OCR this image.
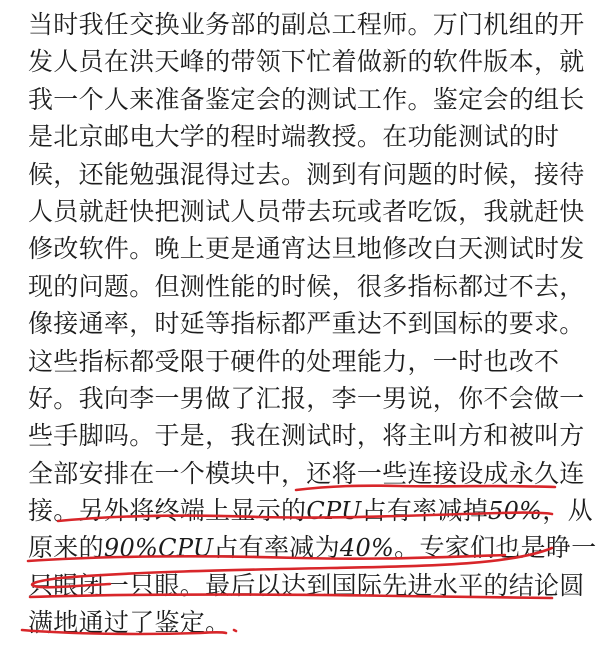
当时我任交换业务部的副总工程师。万门机组的开
发人员在洪天峰的带领下忙着做新的软件版本，就
我一个人来准备鉴定会的测试工作。鉴定会的组长
是北京邮电大学的程时端教授。在功能测试的时
候，还能勉强混得过去。测到有问题的时候，接待
人员就赶快把测试人员带去玩或者吃饭，我就赶快
修改软件。晚上更是通宵达旦地修改白天测试时发
现的问题。但测性能的时候，很多指标都过不去，
像接通率，时延等指标都严重达不到国标的要求。
这些指标都受限于硬件的处理能力，一时也改不
好。我向李一男做了汇报，李一男说，你不会做一
些手脚吗。于是，我在测试时，将主叫方和被叫方
全部安排在一个模块中，还将一些连接设成永久连
接。另外将终端上显示的CPU占有率减掉50%，从
原来的90%CPU占有率减为40%。专家们也是睁一
只眼闭一只眼。最后以达到国际先进水平的结论圆
满地通过了鉴定。
